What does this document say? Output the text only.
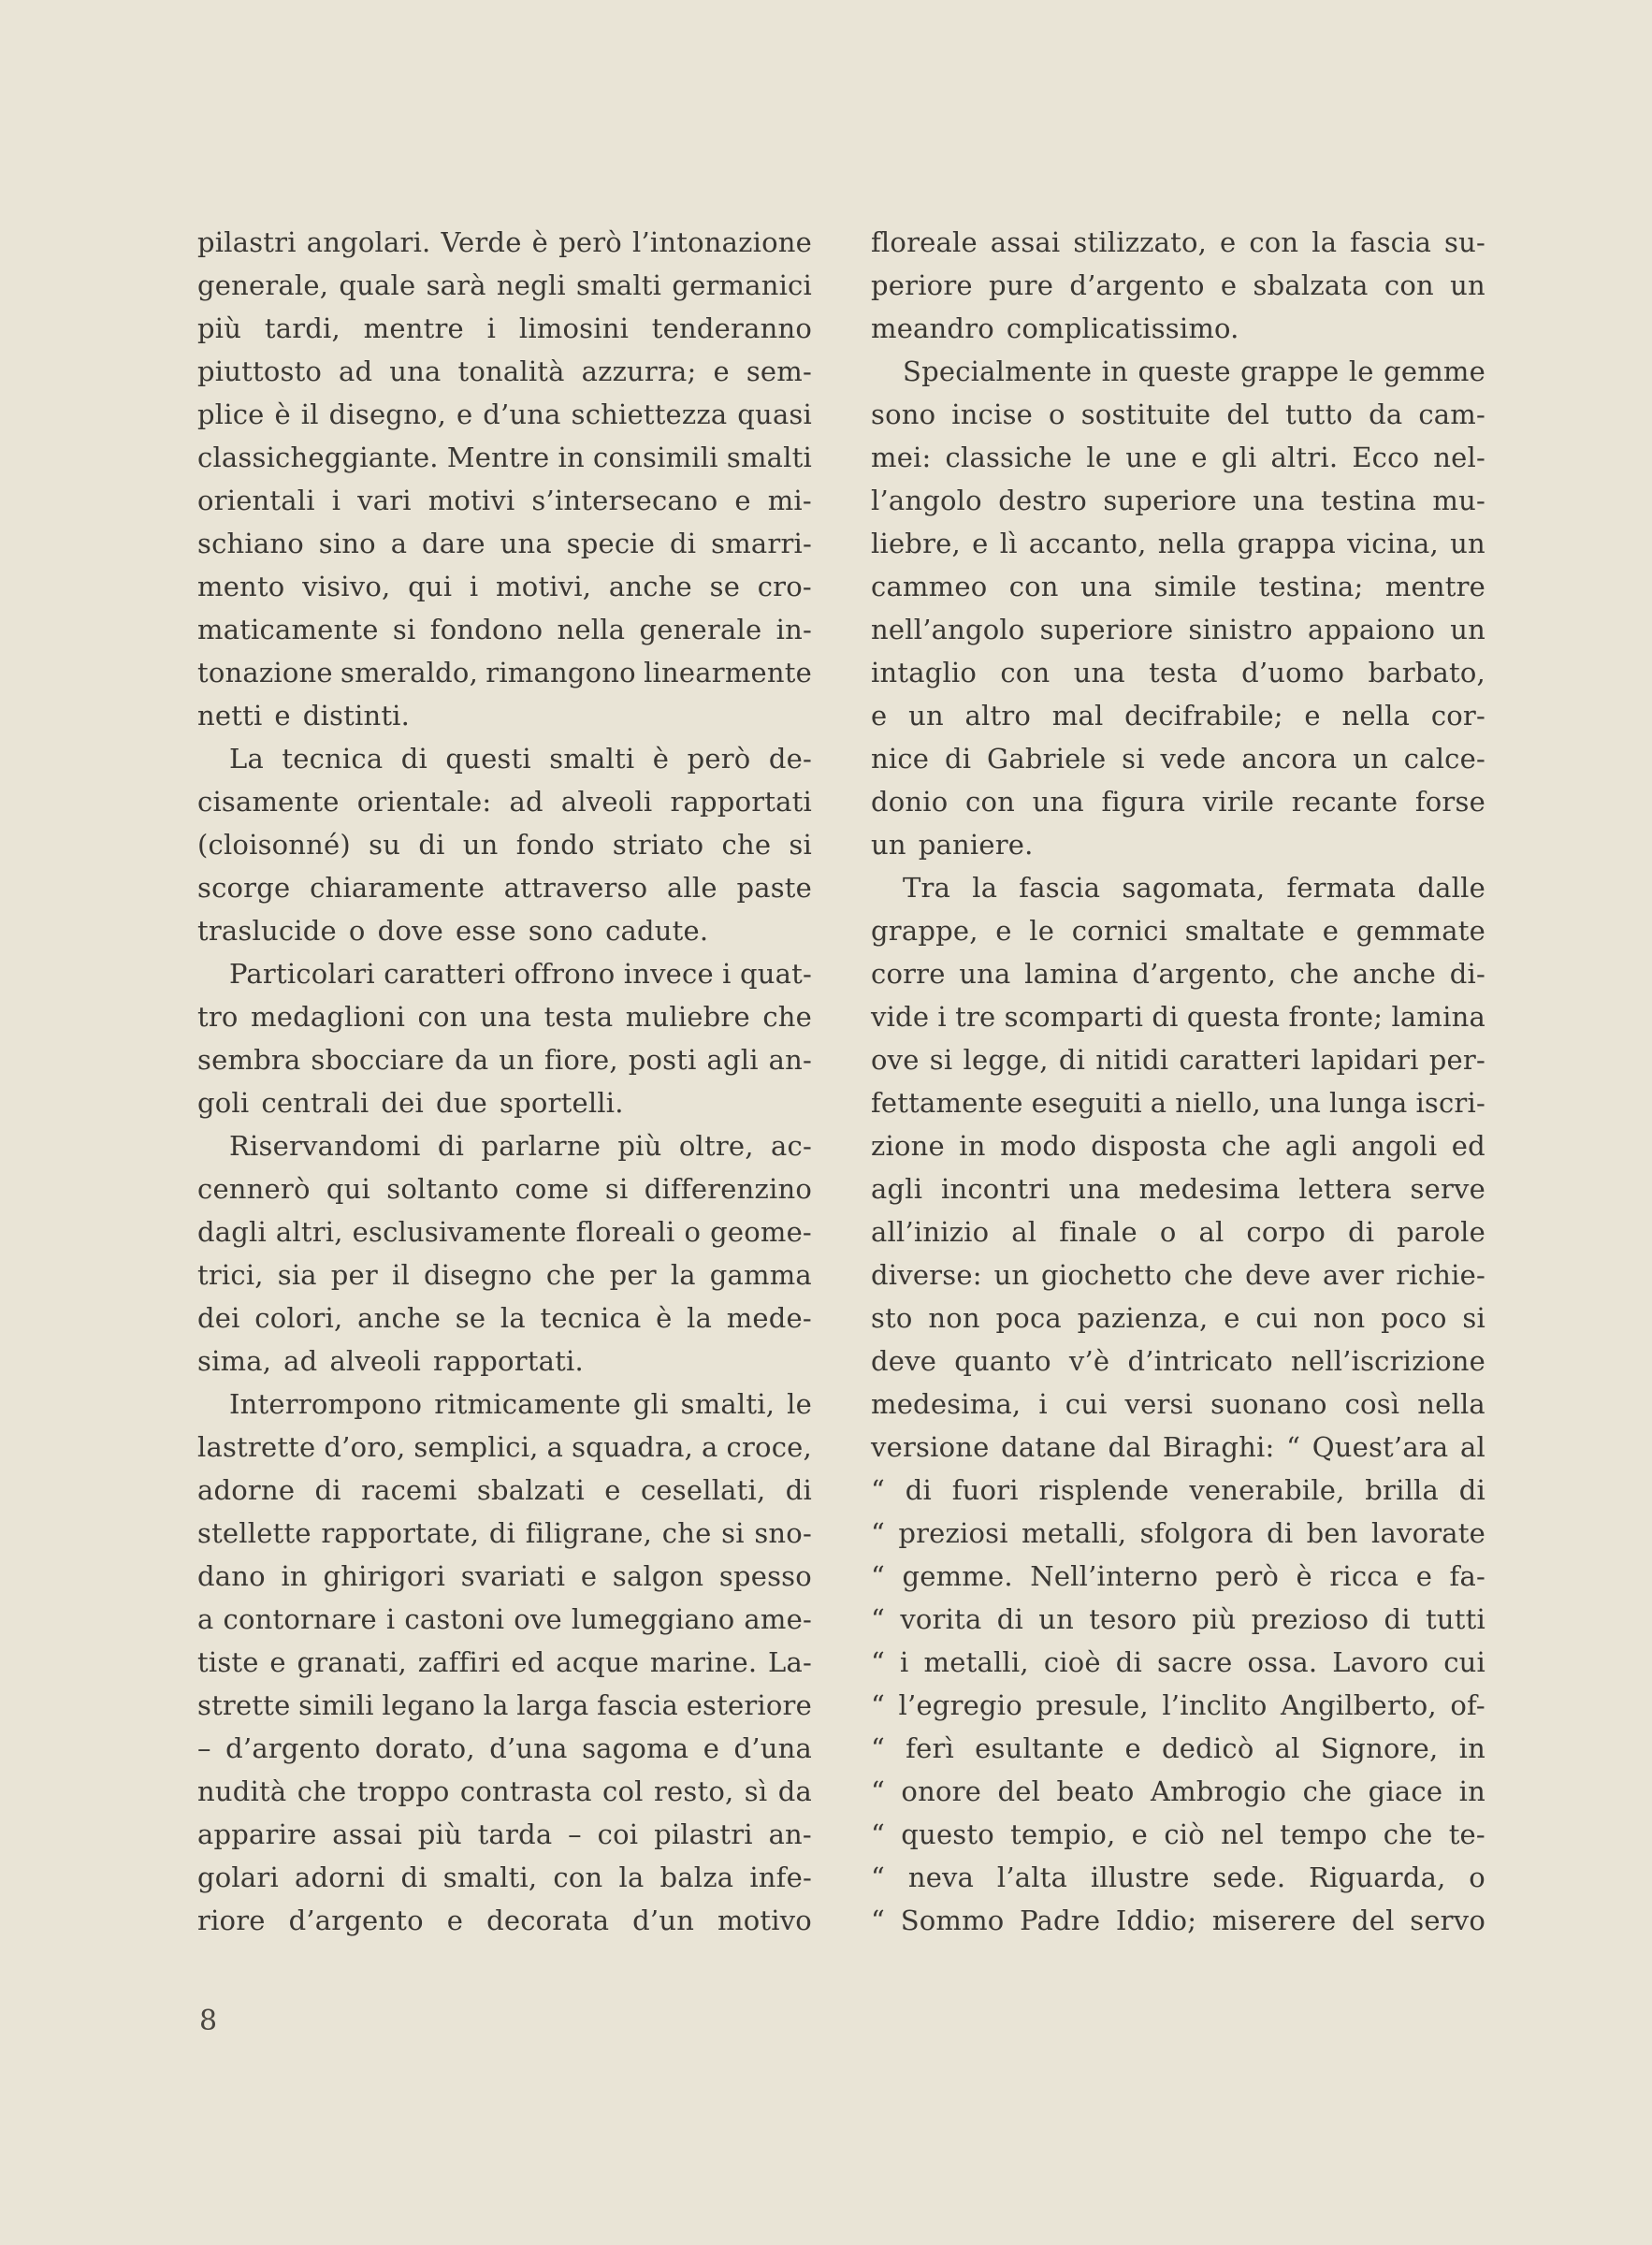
pilastri angolari. Verde è però l’intonazione
generale, quale sarà negli smalti germanici
più tardi, mentre i limosini tenderanno
piuttosto ad una tonalità azzurra; e sem-
plice è il disegno, e d’una schiettezza quasi
classicheggiante. Mentre in consimili smalti
orientali i vari motivi s’intersecano e mi-
schiano sino a dare una specie di smarri-
mento visivo, qui i motivi, anche se cro-
maticamente si fondono nella generale in-
tonazione smeraldo, rimangono linearmente
netti e distinti.
La tecnica di questi smalti è però de-
cisamente orientale: ad alveoli rapportati
(cloisonné) su di un fondo striato che si
scorge chiaramente attraverso alle paste
traslucide o dove esse sono cadute.
Particolari caratteri offrono invece i quat-
tro medaglioni con una testa muliebre che
sembra sbocciare da un fiore, posti agli an-
goli centrali dei due sportelli.
Riservandomi di parlarne più oltre, ac-
cennerò qui soltanto come si differenzino
dagli altri, esclusivamente floreali o geome-
trici, sia per il disegno che per la gamma
dei colori, anche se la tecnica è la mede-
sima, ad alveoli rapportati.
Interrompono ritmicamente gli smalti, le
lastrette d’oro, semplici, a squadra, a croce,
adorne di racemi sbalzati e cesellati, di
stellette rapportate, di filigrane, che si sno-
dano in ghirigori svariati e salgon spesso
a contornare i castoni ove lumeggiano ame-
tiste e granati, zaffiri ed acque marine. La-
strette simili legano la larga fascia esteriore
– d’argento dorato, d’una sagoma e d’una
nudità che troppo contrasta col resto, sì da
apparire assai più tarda – coi pilastri an-
golari adorni di smalti, con la balza infe-
riore d’argento e decorata d’un motivo
floreale assai stilizzato, e con la fascia su-
periore pure d’argento e sbalzata con un
meandro complicatissimo.
Specialmente in queste grappe le gemme
sono incise o sostituite del tutto da cam-
mei: classiche le une e gli altri. Ecco nel-
l’angolo destro superiore una testina mu-
liebre, e lì accanto, nella grappa vicina, un
cammeo con una simile testina; mentre
nell’angolo superiore sinistro appaiono un
intaglio con una testa d’uomo barbato,
e un altro mal decifrabile; e nella cor-
nice di Gabriele si vede ancora un calce-
donio con una figura virile recante forse
un paniere.
Tra la fascia sagomata, fermata dalle
grappe, e le cornici smaltate e gemmate
corre una lamina d’argento, che anche di-
vide i tre scomparti di questa fronte; lamina
ove si legge, di nitidi caratteri lapidari per-
fettamente eseguiti a niello, una lunga iscri-
zione in modo disposta che agli angoli ed
agli incontri una medesima lettera serve
all’inizio al finale o al corpo di parole
diverse: un giochetto che deve aver richie-
sto non poca pazienza, e cui non poco si
deve quanto v’è d’intricato nell’iscrizione
medesima, i cui versi suonano così nella
versione datane dal Biraghi: “ Quest’ara al
“ di fuori risplende venerabile, brilla di
“ preziosi metalli, sfolgora di ben lavorate
“ gemme. Nell’interno però è ricca e fa-
“ vorita di un tesoro più prezioso di tutti
“ i metalli, cioè di sacre ossa. Lavoro cui
“ l’egregio presule, l’inclito Angilberto, of-
“ ferì esultante e dedicò al Signore, in
“ onore del beato Ambrogio che giace in
“ questo tempio, e ciò nel tempo che te-
“ neva l’alta illustre sede. Riguarda, o
“ Sommo Padre Iddio; miserere del servo
8
